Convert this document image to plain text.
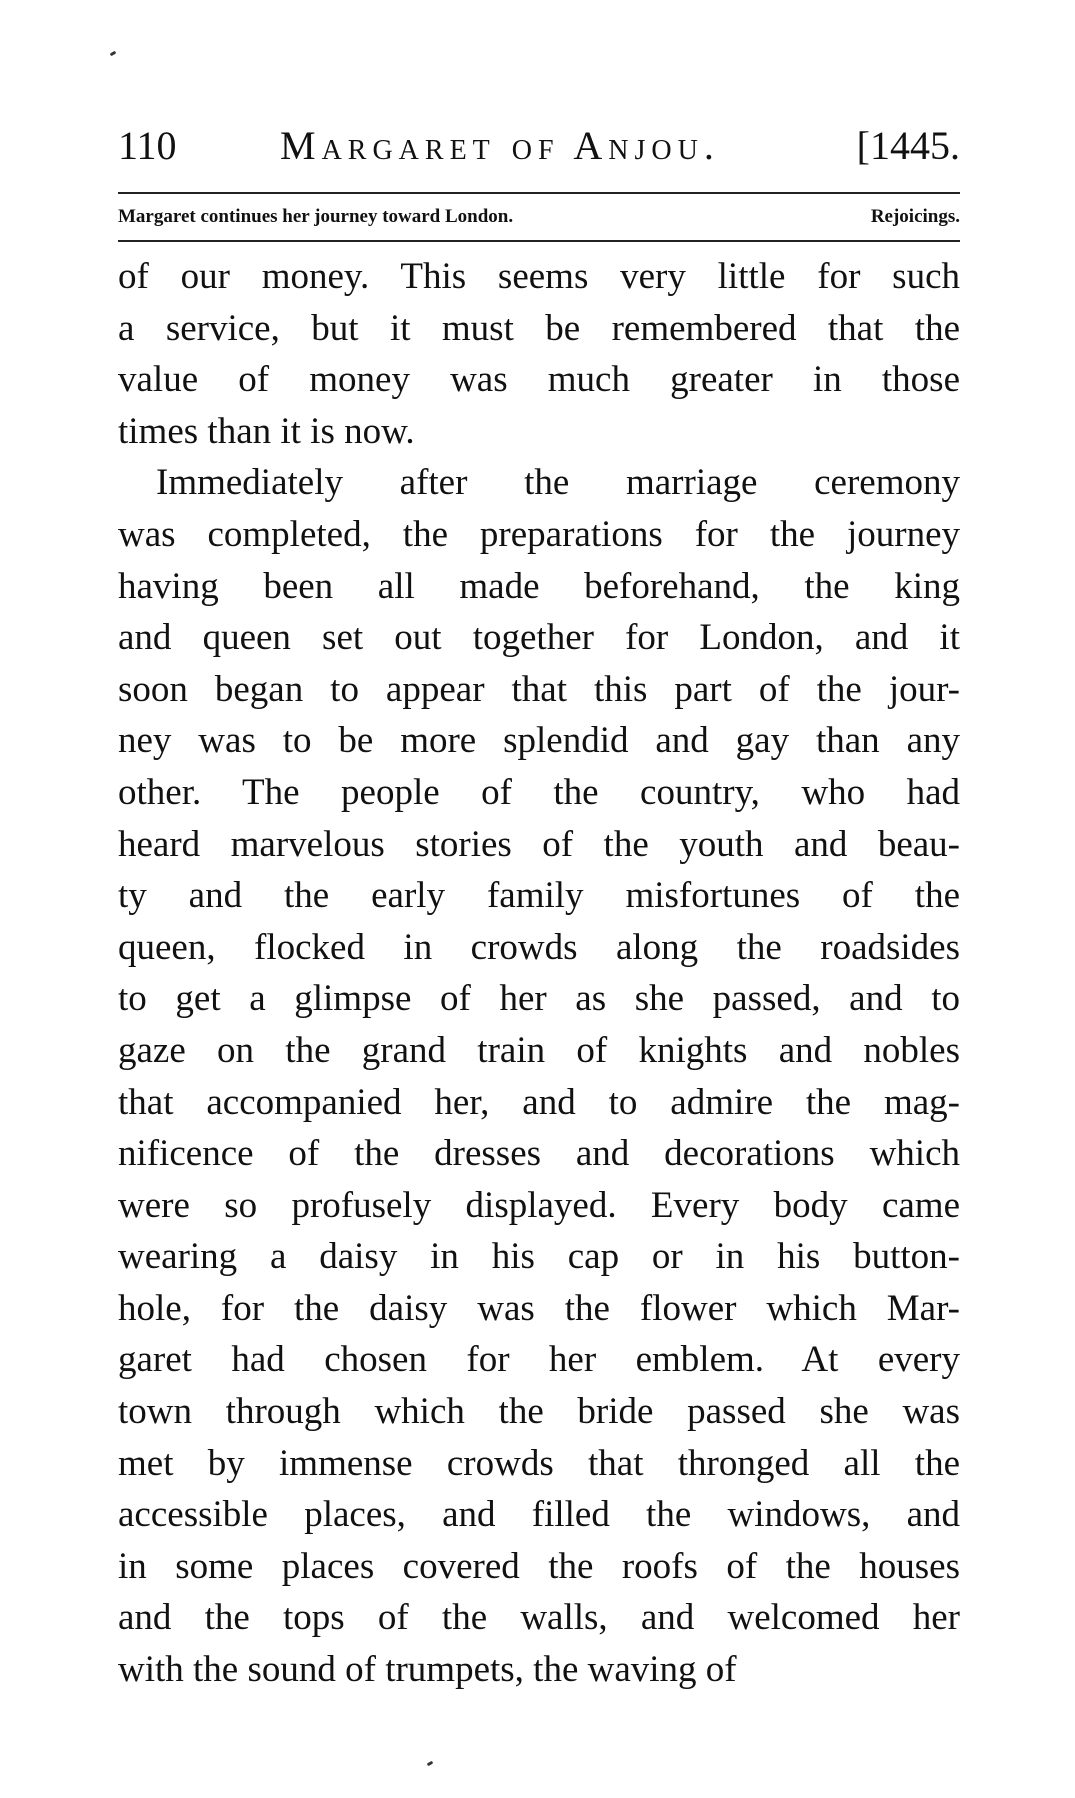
110	Margaret of Anjou.	[1445.
Margaret continues her journey toward London.	Rejoicings.
of our money. This seems very little for such
a service, but it must be remembered that the
value of money was much greater in those
times than it is now.
Immediately after the marriage ceremony
was completed, the preparations for the journey
having been all made beforehand, the king
and queen set out together for London, and it
soon began to appear that this part of the jour-
ney was to be more splendid and gay than any
other. The people of the country, who had
heard marvelous stories of the youth and beau-
ty and the early family misfortunes of the
queen, flocked in crowds along the roadsides
to get a glimpse of her as she passed, and to
gaze on the grand train of knights and nobles
that accompanied her, and to admire the mag-
nificence of the dresses and decorations which
were so profusely displayed. Every body came
wearing a daisy in his cap or in his button-
hole, for the daisy was the flower which Mar-
garet had chosen for her emblem. At every
town through which the bride passed she was
met by immense crowds that thronged all the
accessible places, and filled the windows, and
in some places covered the roofs of the houses
and the tops of the walls, and welcomed her
with the sound of trumpets, the waving of
